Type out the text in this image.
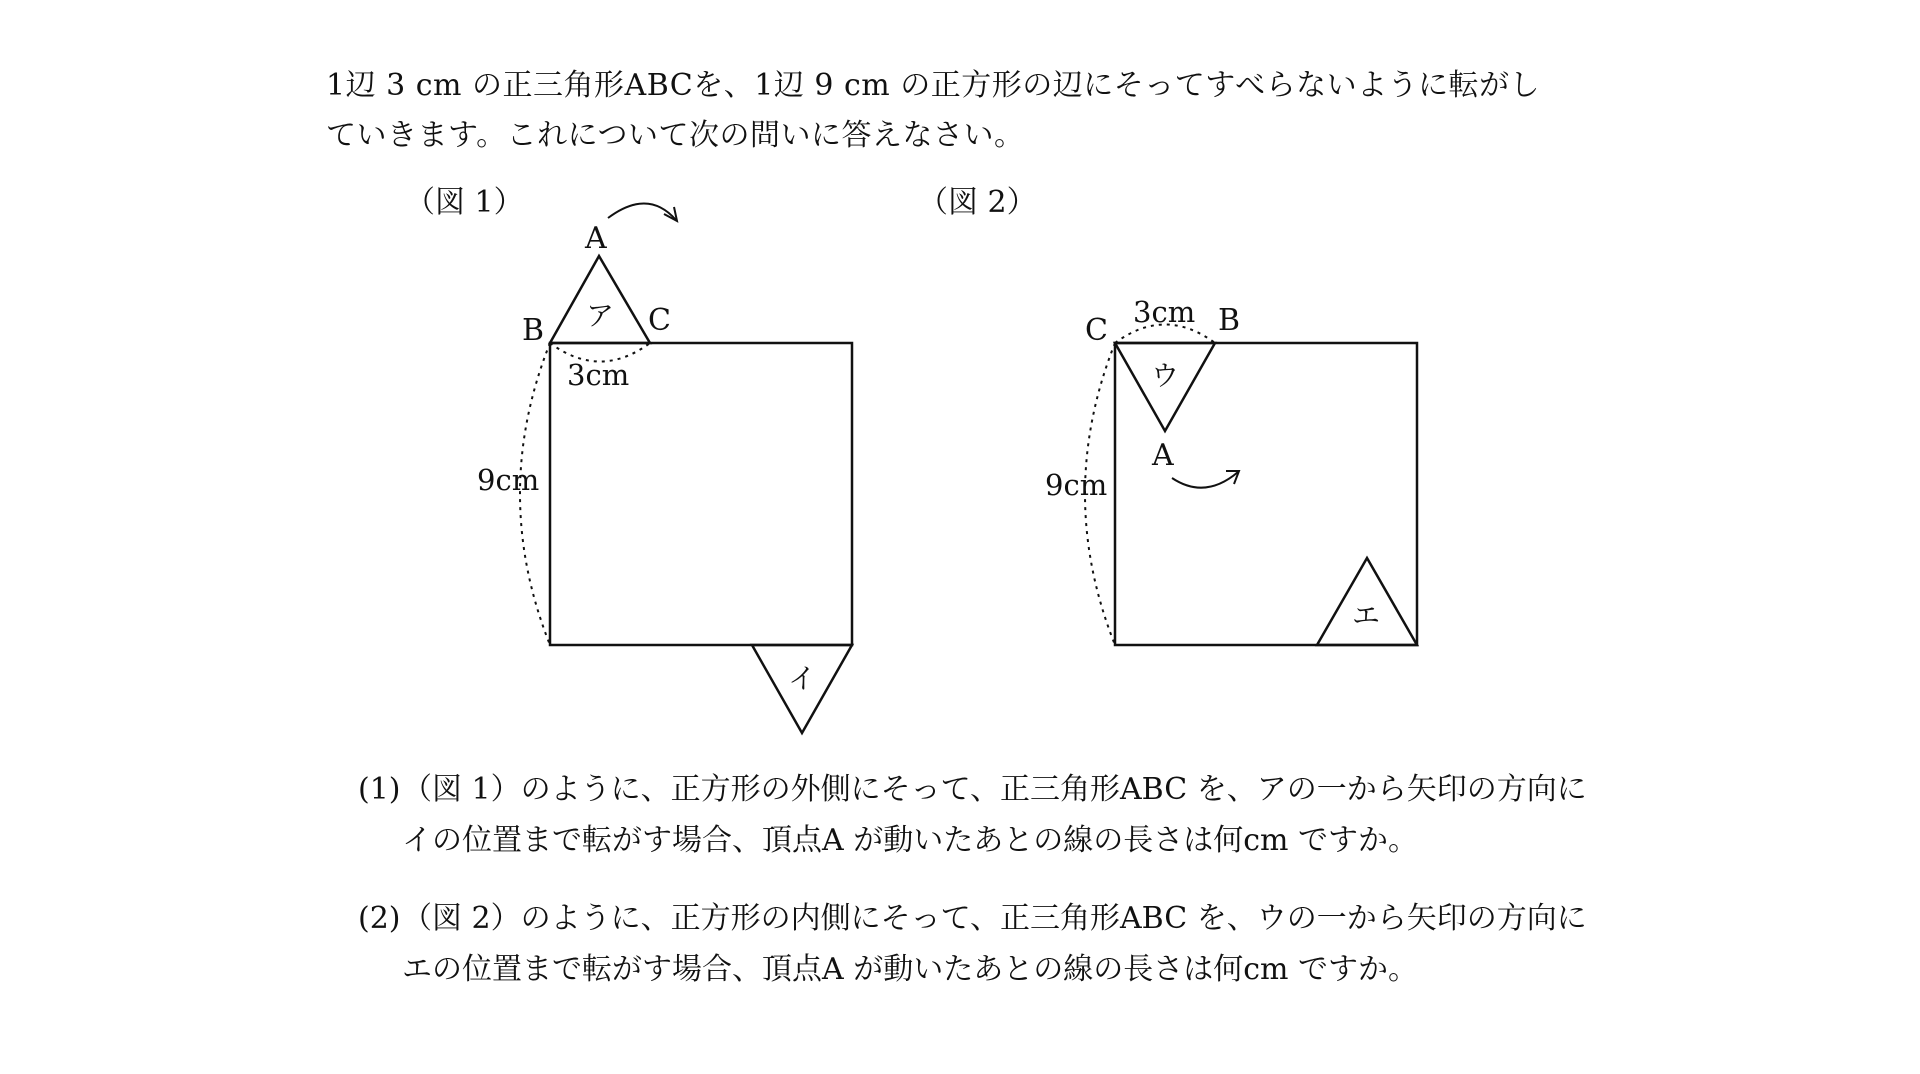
1辺 3 cm の正三角形ABCを、1辺 9 cm の正方形の辺にそってすべらないように転がし
ていきます。これについて次の問いに答えなさい。
（図 1）
A
B	C
ア
イ
3cm
9cm
（図 2）
A
B
C
ウ
エ
3cm
9cm
(1)（図 1）のように、正方形の外側にそって、正三角形ABC を、アの一から矢印の方向に
イの位置まで転がす場合、頂点A が動いたあとの線の長さは何cm ですか。
(2)（図 2）のように、正方形の内側にそって、正三角形ABC を、ウの一から矢印の方向に
エの位置まで転がす場合、頂点A が動いたあとの線の長さは何cm ですか。
